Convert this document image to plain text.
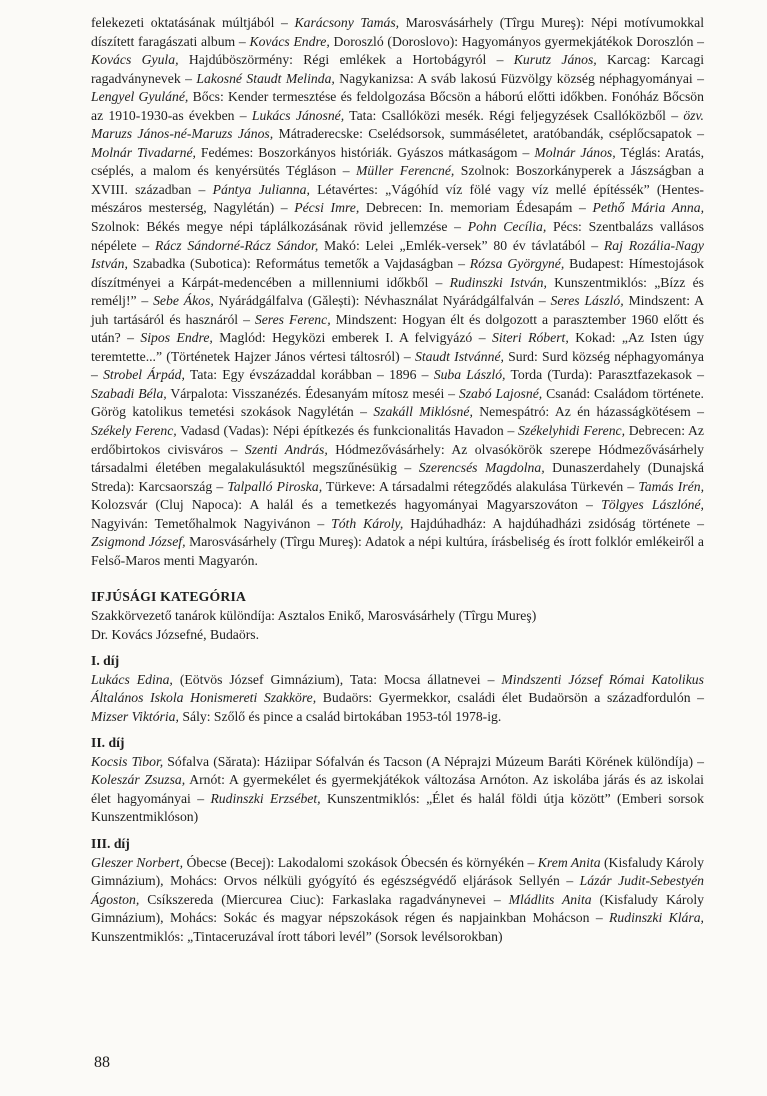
felekezeti oktatásának múltjából – Karácsony Tamás, Marosvásárhely (Tîrgu Mureş): Népi motívumokkal díszített faragászati album – Kovács Endre, Doroszló (Doroslovo): Hagyományos gyermekjátékok Doroszlón – Kovács Gyula, Hajdúböszörmény: Régi emlékek a Hortobágyról – Kurutz János, Karcag: Karcagi ragadványnevek – Lakosné Staudt Melinda, Nagykanizsa: A sváb lakosú Füzvölgy község néphagyományai – Lengyel Gyuláné, Bőcs: Kender termesztése és feldolgozása Bőcsön a háború előtti időkben. Fonóház Bőcsön az 1910-1930-as években – Lukács Jánosné, Tata: Csallóközi mesék. Régi feljegyzések Csallóközből – özv. Maruzs János-né-Maruzs János, Mátraderecske: Cselédsorsok, summáséletet, aratóbandák, cséplőcsapatok – Molnár Tivadarné, Fedémes: Boszorkányos históriák. Gyászos mátkaságom – Molnár János, Téglás: Aratás, cséplés, a malom és kenyérsütés Tégláson – Müller Ferencné, Szolnok: Boszorkányperek a Jászságban a XVIII. században – Pántya Julianna, Létavértes: „Vágóhíd víz fölé vagy víz mellé építéssék” (Hentes-mészáros mesterség, Nagylétán) – Pécsi Imre, Debrecen: In. memoriam Édesapám – Pethő Mária Anna, Szolnok: Békés megye népi táplálkozásának rövid jellemzése – Pohn Cecília, Pécs: Szentbalázs vallásos népélete – Rácz Sándorné-Rácz Sándor, Makó: Lelei „Emlék-versek” 80 év távlatából – Raj Rozália-Nagy István, Szabadka (Subotica): Református temetők a Vajdaságban – Rózsa Györgyné, Budapest: Hímestojások díszítményei a Kárpát-medencében a millenniumi időkből – Rudinszki István, Kunszentmiklós: „Bízz és remélj!” – Sebe Ákos, Nyárádgálfalva (Gălești): Névhasználat Nyárádgálfalván – Seres László, Mindszent: A juh tartásáról és hasznáról – Seres Ferenc, Mindszent: Hogyan élt és dolgozott a parasztember 1960 előtt és után? – Sipos Endre, Maglód: Hegyközi emberek I. A felvigyázó – Siteri Róbert, Kokad: „Az Isten úgy teremtette...” (Történetek Hajzer János vértesi táltosról) – Staudt Istvánné, Surd: Surd község néphagyománya – Strobel Árpád, Tata: Egy évszázaddal korábban – 1896 – Suba László, Torda (Turda): Parasztfazekasok – Szabadi Béla, Várpalota: Visszanézés. Édesanyám mítosz meséi – Szabó Lajosné, Csanád: Családom története. Görög katolikus temetési szokások Nagylétán – Szakáll Miklósné, Nemespátró: Az én házasságkötésem – Székely Ferenc, Vadasd (Vadas): Népi építkezés és funkcionalitás Havadon – Székelyhidi Ferenc, Debrecen: Az erdőbirtokos civisváros – Szenti András, Hódmezővásárhely: Az olvasókörök szerepe Hódmezővásárhely társadalmi életében megalakulásuktól megszűnésükig – Szerencsés Magdolna, Dunaszerdahely (Dunajská Streda): Karcsaország – Talpalló Piroska, Türkeve: A társadalmi rétegződés alakulása Türkevén – Tamás Irén, Kolozsvár (Cluj Napoca): A halál és a temetkezés hagyományai Magyarszováton – Tölgyes Lászlóné, Nagyiván: Temetőhalmok Nagyivánon – Tóth Károly, Hajdúhadház: A hajdúhadházi zsidóság története – Zsigmond József, Marosvásárhely (Tîrgu Mureş): Adatok a népi kultúra, írásbeliség és írott folklór emlékeiről a Felső-Maros menti Magyarón.

IFJÚSÁGI KATEGÓRIA
Szakkörvezető tanárok különdíja: Asztalos Enikő, Marosvásárhely (Tîrgu Mureş)
Dr. Kovács Józsefné, Budaörs.
I. díj

Lukács Edina, (Eötvös József Gimnázium), Tata: Mocsa állatnevei – Mindszenti József Római Katolikus Általános Iskola Honismereti Szakköre, Budaörs: Gyermekkor, családi élet Budaörsön a századfordulón – Mizser Viktória, Sály: Szőlő és pince a család birtokában 1953-tól 1978-ig.

II. díj

Kocsis Tibor, Sófalva (Sărata): Háziipar Sófalván és Tacson (A Néprajzi Múzeum Baráti Körének különdíja) – Koleszár Zsuzsa, Arnót: A gyermekélet és gyermekjátékok változása Arnóton. Az iskolába járás és az iskolai élet hagyományai – Rudinszki Erzsébet, Kunszentmiklós: „Élet és halál földi útja között” (Emberi sorsok Kunszentmiklóson)

III. díj

Gleszer Norbert, Óbecse (Becej): Lakodalomi szokások Óbecsén és környékén – Krem Anita (Kisfaludy Károly Gimnázium), Mohács: Orvos nélküli gyógyító és egészségvédő eljárások Sellyén – Lázár Judit-Sebestyén Ágoston, Csíkszereda (Miercurea Ciuc): Farkaslaka ragadványnevei – Mládlits Anita (Kisfaludy Károly Gimnázium), Mohács: Sokác és magyar népszokások régen és napjainkban Mohácson – Rudinszki Klára, Kunszentmiklós: „Tintaceruzával írott tábori levél” (Sorsok levélsorokban)

88
